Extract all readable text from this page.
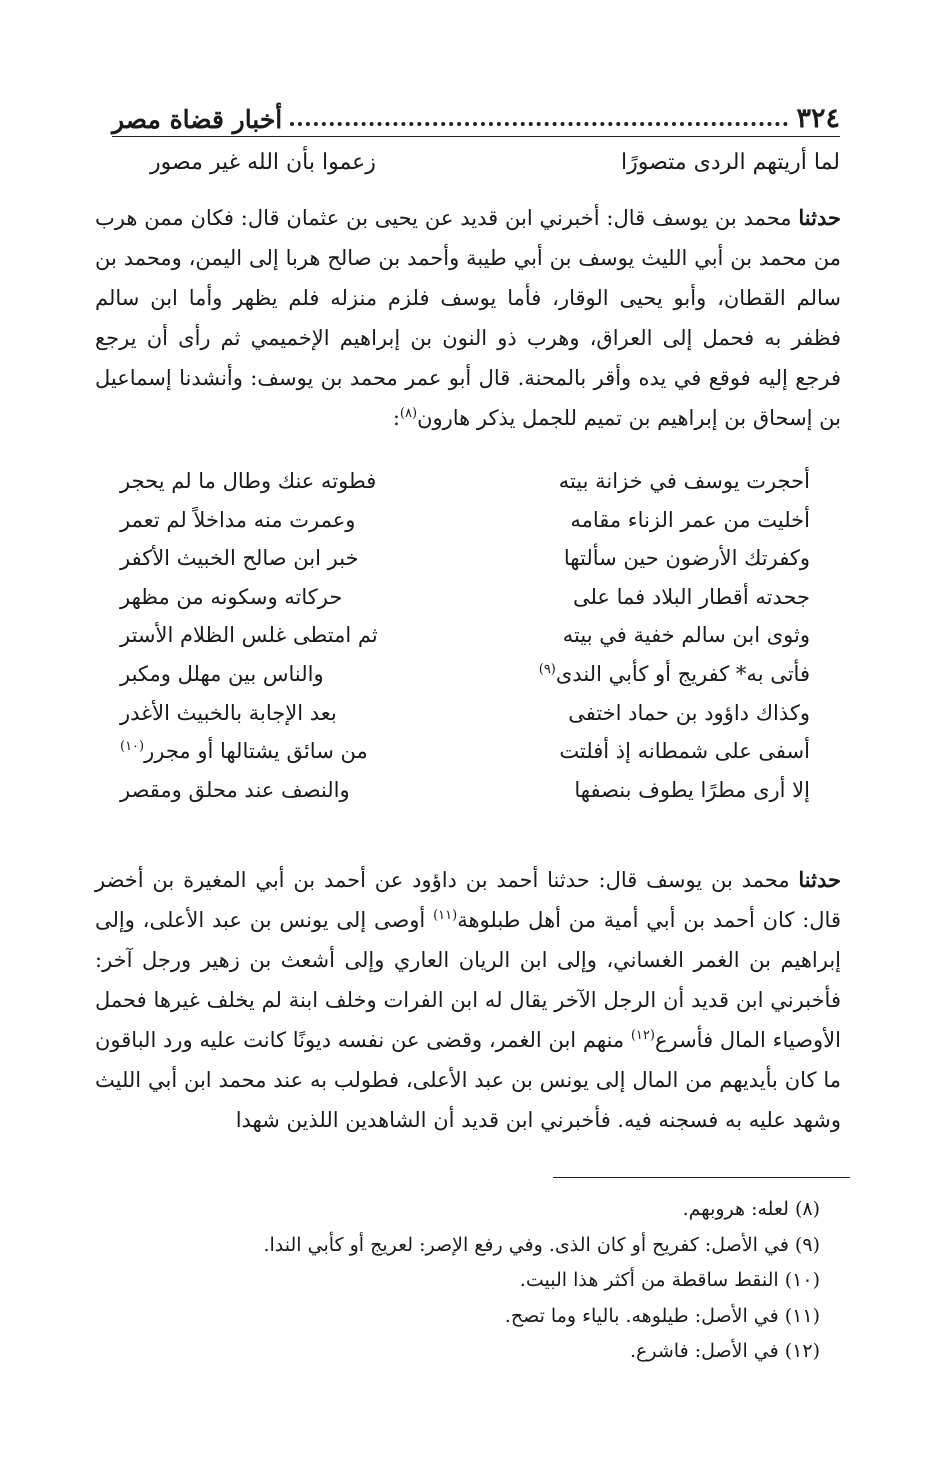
٣٢٤
أخبار قضاة مصر
لما أريتهم الردى متصورًا
زعموا بأن الله غير مصور
حدثنا محمد بن يوسف قال: أخبرني ابن قديد عن يحيى بن عثمان قال: فكان ممن هرب من محمد بن أبي الليث يوسف بن أبي طيبة وأحمد بن صالح هربا إلى اليمن، ومحمد بن سالم القطان، وأبو يحيى الوقار، فأما يوسف فلزم منزله فلم يظهر وأما ابن سالم فظفر به فحمل إلى العراق، وهرب ذو النون بن إبراهيم الإخميمي ثم رأى أن يرجع فرجع إليه فوقع في يده وأقر بالمحنة. قال أبو عمر محمد بن يوسف: وأنشدنا إسماعيل بن إسحاق بن إبراهيم بن تميم للجمل يذكر هارون$^{(٨)}$:
أحجرت يوسف في خزانة بيته
فطوته عنك وطال ما لم يحجر
أخليت من عمر الزناء مقامه
وعمرت منه مداخلاً لم تعمر
وكفرتك الأرضون حين سألتها
خبر ابن صالح الخبيث الأكفر
جحدته أقطار البلاد فما على
حركاته وسكونه من مظهر
وثوى ابن سالم خفية في بيته
ثم امتطى غلس الظلام الأستر
فأتى به* كفريج أو كأبي الندى$^{(٩)}$
والناس بين مهلل ومكبر
وكذاك داؤود بن حماد اختفى
بعد الإجابة بالخبيث الأغدر
أسفى على شمطانه إذ أفلتت
من سائق يشتالها أو مجرر$^{(١٠)}$
إلا أرى مطرًا يطوف بنصفها
والنصف عند محلق ومقصر
حدثنا محمد بن يوسف قال: حدثنا أحمد بن داؤود عن أحمد بن أبي المغيرة بن أخضر قال: كان أحمد بن أبي أمية من أهل طبلوهة$^{(١١)}$ أوصى إلى يونس بن عبد الأعلى، وإلى إبراهيم بن الغمر الغساني، وإلى ابن الريان العاري وإلى أشعث بن زهير ورجل آخر: فأخبرني ابن قديد أن الرجل الآخر يقال له ابن الفرات وخلف ابنة لم يخلف غيرها فحمل الأوصياء المال فأسرع$^{(١٢)}$ منهم ابن الغمر، وقضى عن نفسه ديونًا كانت عليه ورد الباقون ما كان بأيديهم من المال إلى يونس بن عبد الأعلى، فطولب به عند محمد ابن أبي الليث وشهد عليه به فسجنه فيه. فأخبرني ابن قديد أن الشاهدين اللذين شهدا
(٨) لعله: هروبهم.
(٩) في الأصل: كفريح أو كان الذى. وفي رفع الإصر: لعريج أو كأبي الندا.
(١٠) النقط ساقطة من أكثر هذا البيت.
(١١) في الأصل: طيلوهه. بالياء وما تصح.
(١٢) في الأصل: فاشرع.
